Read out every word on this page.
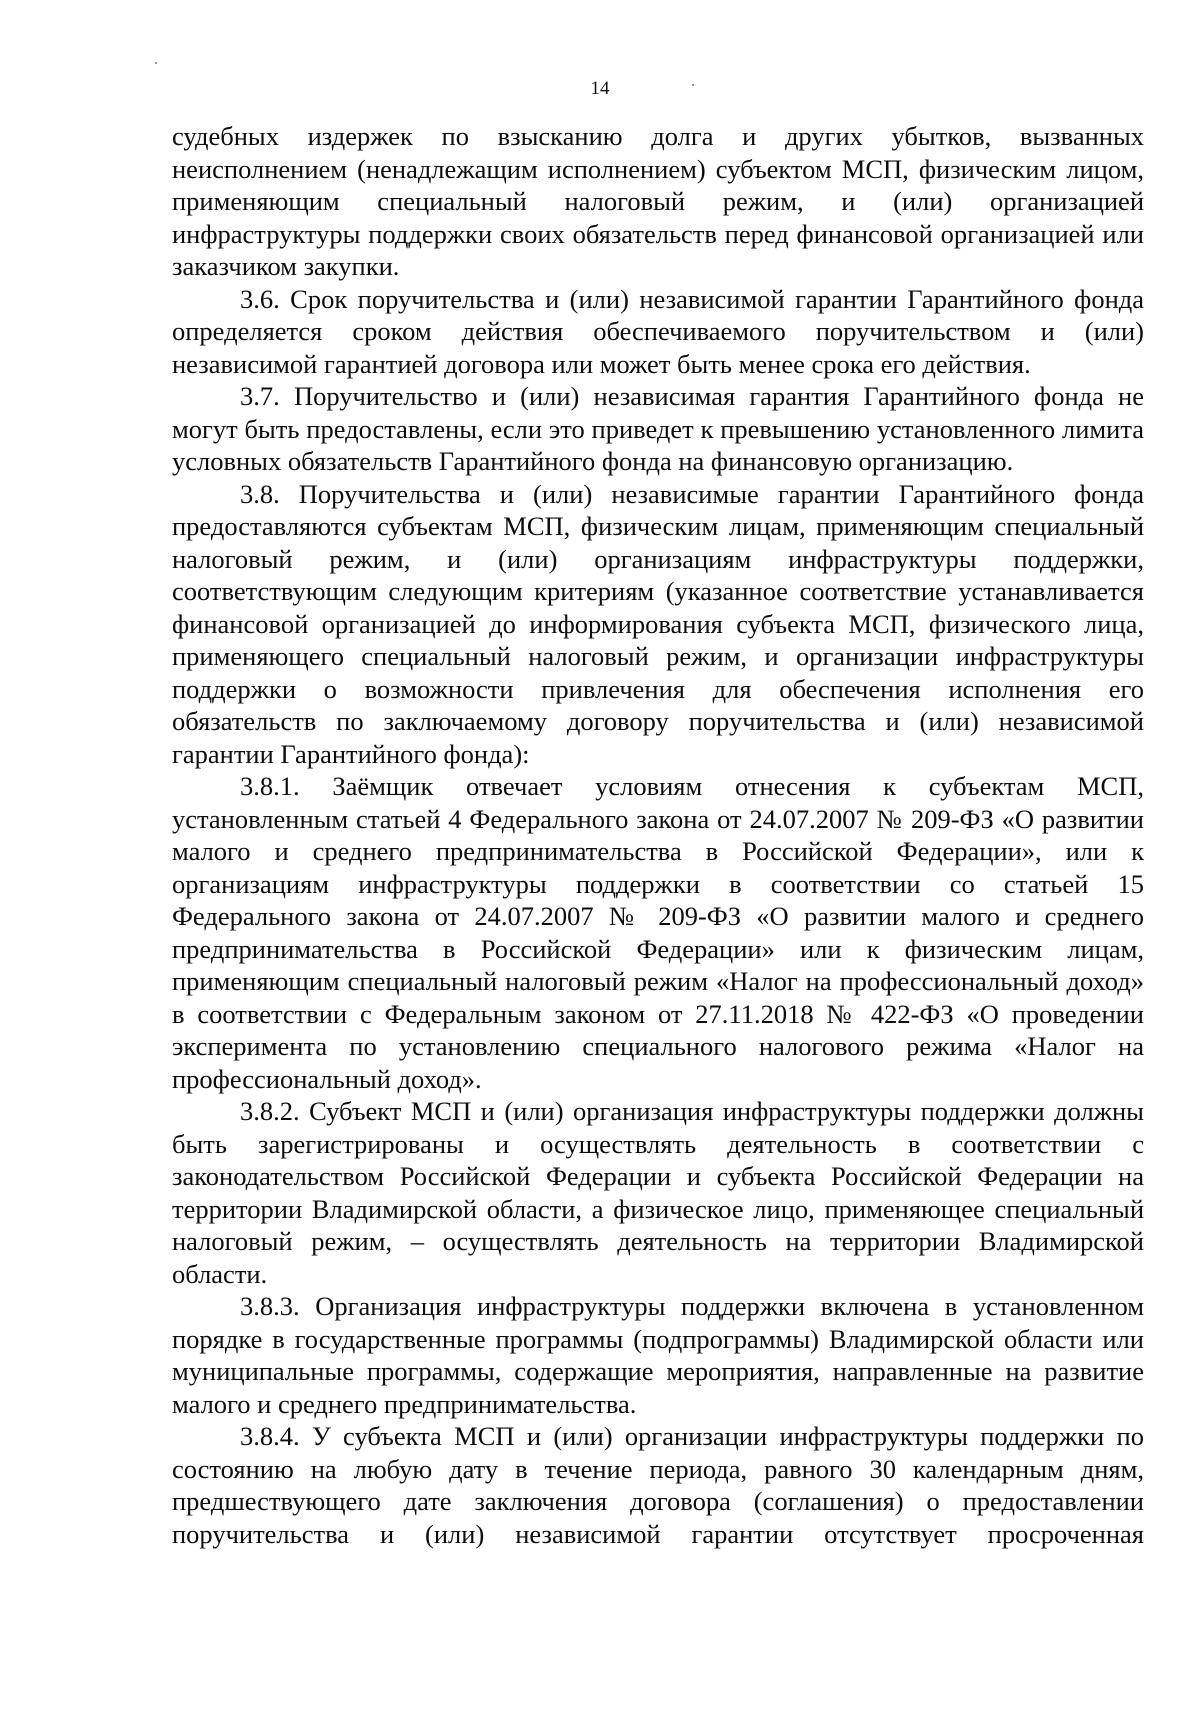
14

судебных издержек по взысканию долга и других убытков, вызванных неисполнением (ненадлежащим исполнением) субъектом МСП, физическим лицом, применяющим специальный налоговый режим, и (или) организацией инфраструктуры поддержки своих обязательств перед финансовой организацией или заказчиком закупки.

3.6. Срок поручительства и (или) независимой гарантии Гарантийного фонда определяется сроком действия обеспечиваемого поручительством и (или) независимой гарантией договора или может быть менее срока его действия.

3.7. Поручительство и (или) независимая гарантия Гарантийного фонда не могут быть предоставлены, если это приведет к превышению установленного лимита условных обязательств Гарантийного фонда на финансовую организацию.

3.8. Поручительства и (или) независимые гарантии Гарантийного фонда предоставляются субъектам МСП, физическим лицам, применяющим специальный налоговый режим, и (или) организациям инфраструктуры поддержки, соответствующим следующим критериям (указанное соответствие устанавливается финансовой организацией до информирования субъекта МСП, физического лица, применяющего специальный налоговый режим, и организации инфраструктуры поддержки о возможности привлечения для обеспечения исполнения его обязательств по заключаемому договору поручительства и (или) независимой гарантии Гарантийного фонда):

3.8.1. Заёмщик отвечает условиям отнесения к субъектам МСП, установленным статьей 4 Федерального закона от 24.07.2007 № 209-ФЗ «О развитии малого и среднего предпринимательства в Российской Федерации», или к организациям инфраструктуры поддержки в соответствии со статьей 15 Федерального закона от 24.07.2007 № 209-ФЗ «О развитии малого и среднего предпринимательства в Российской Федерации» или к физическим лицам, применяющим специальный налоговый режим «Налог на профессиональный доход» в соответствии с Федеральным законом от 27.11.2018 № 422-ФЗ «О проведении эксперимента по установлению специального налогового режима «Налог на профессиональный доход».

3.8.2. Субъект МСП и (или) организация инфраструктуры поддержки должны быть зарегистрированы и осуществлять деятельность в соответствии с законодательством Российской Федерации и субъекта Российской Федерации на территории Владимирской области, а физическое лицо, применяющее специальный налоговый режим, – осуществлять деятельность на территории Владимирской области.

3.8.3. Организация инфраструктуры поддержки включена в установленном порядке в государственные программы (подпрограммы) Владимирской области или муниципальные программы, содержащие мероприятия, направленные на развитие малого и среднего предпринимательства.

3.8.4. У субъекта МСП и (или) организации инфраструктуры поддержки по состоянию на любую дату в течение периода, равного 30 календарным дням, предшествующего дате заключения договора (соглашения) о предоставлении поручительства и (или) независимой гарантии отсутствует просроченная
